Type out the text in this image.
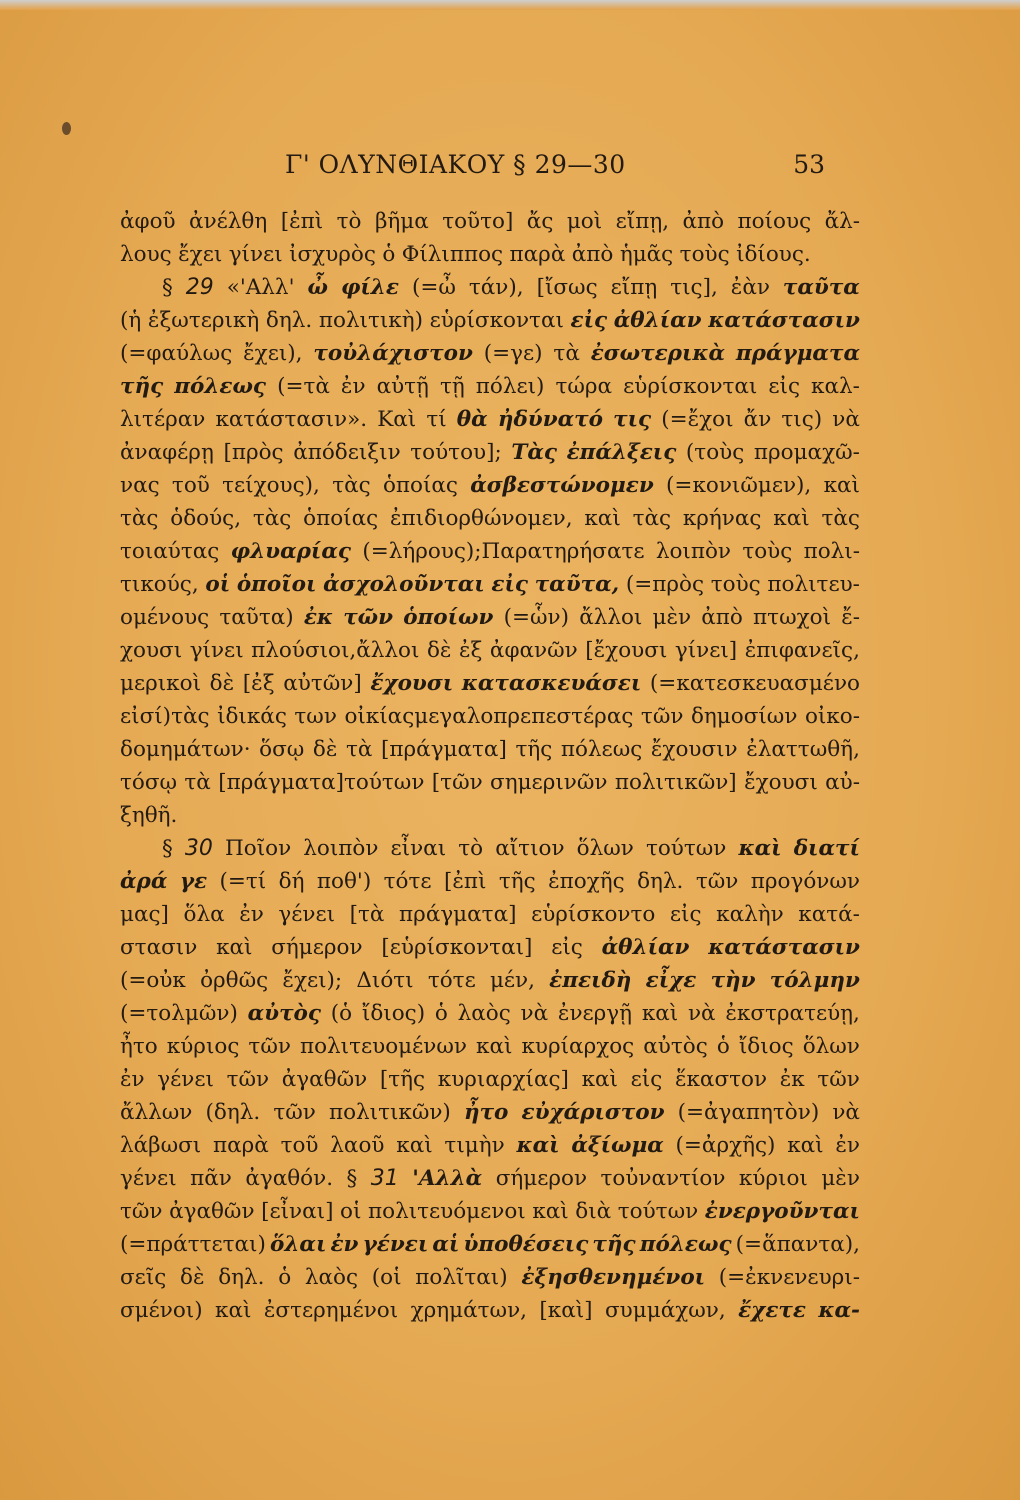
Γ' ΟΛΥΝΘΙΑΚΟΥ § 29—30	53
ἀφοῦ ἀνέλθη [ἐπὶ τὸ βῆμα τοῦτο] ἄς μοὶ εἴπῃ, ἀπὸ ποίους ἄλ-
λους ἔχει γίνει ἰσχυρὸς ὁ Φίλιππος παρὰ ἀπὸ ἡμᾶς τοὺς ἰδίους.
§ 29 «'Αλλ' ὦ φίλε (=ὦ τάν), [ἴσως εἴπῃ τις], ἐὰν ταῦτα
(ἡ ἐξωτερικὴ δηλ. πολιτικὴ) εὑρίσκονται εἰς ἀθλίαν κατάστασιν
(=φαύλως ἔχει), τοὐλάχιστον (=γε) τὰ ἐσωτερικὰ πράγματα
τῆς πόλεως (=τὰ ἐν αὐτῇ τῇ πόλει) τώρα εὑρίσκονται εἰς καλ-
λιτέραν κατάστασιν». Καὶ τί θὰ ἠδύνατό τις (=ἔχοι ἄν τις) νὰ
ἀναφέρῃ [πρὸς ἀπόδειξιν τούτου]; Τὰς ἐπάλξεις (τοὺς προμαχῶ-
νας τοῦ τείχους), τὰς ὁποίας ἀσβεστώνομεν (=κονιῶμεν), καὶ
τὰς ὁδούς, τὰς ὁποίας ἐπιδιορθώνομεν, καὶ τὰς κρήνας καὶ τὰς
τοιαύτας φλυαρίας (=λήρους);Παρατηρήσατε λοιπὸν τοὺς πολι-
τικούς, οἱ ὁποῖοι ἀσχολοῦνται εἰς ταῦτα, (=πρὸς τοὺς πολιτευ-
ομένους ταῦτα) ἐκ τῶν ὁποίων (=ὧν) ἄλλοι μὲν ἀπὸ πτωχοὶ ἔ-
χουσι γίνει πλούσιοι,ἄλλοι δὲ ἐξ ἀφανῶν [ἔχουσι γίνει] ἐπιφανεῖς,
μερικοὶ δὲ [ἐξ αὐτῶν] ἔχουσι κατασκευάσει (=κατεσκευασμένο
εἰσί)τὰς ἰδικάς των οἰκίαςμεγαλοπρεπεστέρας τῶν δημοσίων οἰκο-
δομημάτων· ὅσῳ δὲ τὰ [πράγματα] τῆς πόλεως ἔχουσιν ἐλαττωθῆ,
τόσῳ τὰ [πράγματα]τούτων [τῶν σημερινῶν πολιτικῶν] ἔχουσι αὐ-
ξηθῆ.
§ 30 Ποῖον λοιπὸν εἶναι τὸ αἴτιον ὅλων τούτων καὶ διατί
ἀρά γε (=τί δή ποθ') τότε [ἐπὶ τῆς ἐποχῆς δηλ. τῶν προγόνων
μας] ὅλα ἐν γένει [τὰ πράγματα] εὑρίσκοντο εἰς καλὴν κατά-
στασιν καὶ σήμερον [εὑρίσκονται] εἰς ἀθλίαν κατάστασιν
(=οὐκ ὀρθῶς ἔχει); Διότι τότε μέν, ἐπειδὴ εἶχε τὴν τόλμην
(=τολμῶν) αὐτὸς (ὁ ἴδιος) ὁ λαὸς νὰ ἐνεργῇ καὶ νὰ ἐκστρατεύῃ,
ἦτο κύριος τῶν πολιτευομένων καὶ κυρίαρχος αὐτὸς ὁ ἴδιος ὅλων
ἐν γένει τῶν ἀγαθῶν [τῆς κυριαρχίας] καὶ εἰς ἕκαστον ἐκ τῶν
ἄλλων (δηλ. τῶν πολιτικῶν) ἦτο εὐχάριστον (=ἀγαπητὸν) νὰ
λάβωσι παρὰ τοῦ λαοῦ καὶ τιμὴν καὶ ἀξίωμα (=ἀρχῆς) καὶ ἐν
γένει πᾶν ἀγαθόν. § 31 'Αλλὰ σήμερον τοὐναντίον κύριοι μὲν
τῶν ἀγαθῶν [εἶναι] οἱ πολιτευόμενοι καὶ διὰ τούτων ἐνεργοῦνται
(=πράττεται) ὅλαι ἐν γένει αἱ ὑποθέσεις τῆς πόλεως (=ἅπαντα),
σεῖς δὲ δηλ. ὁ λαὸς (οἱ πολῖται) ἐξησθενημένοι (=ἐκνενευρι-
σμένοι) καὶ ἐστερημένοι χρημάτων, [καὶ] συμμάχων, ἔχετε κα-
